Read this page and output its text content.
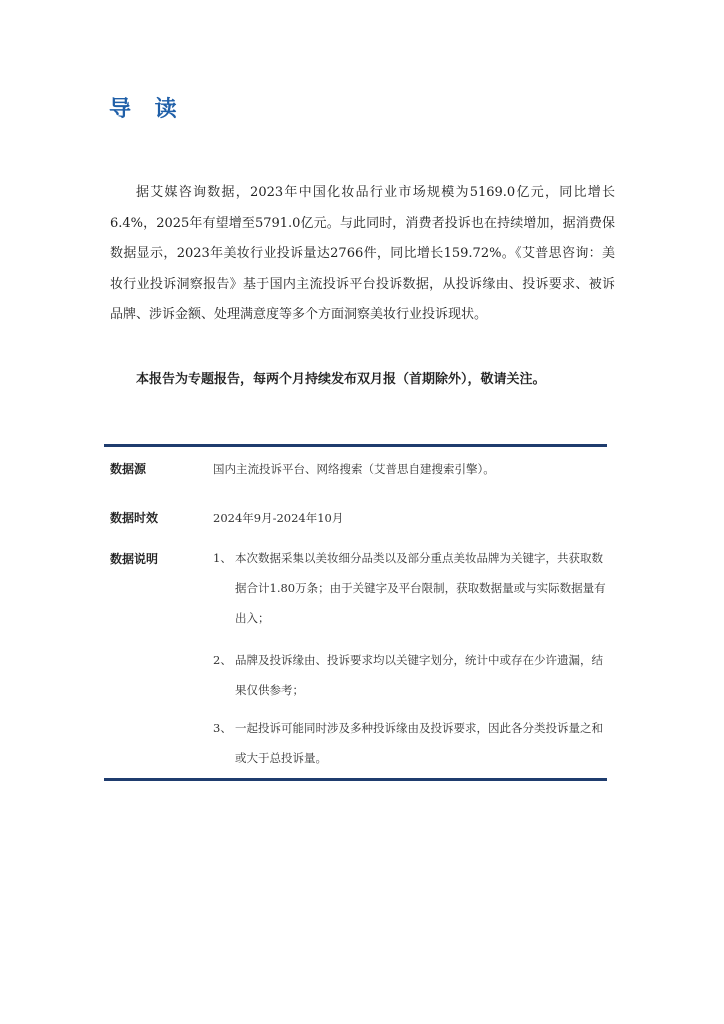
导 读

据艾媒咨询数据，2023年中国化妆品行业市场规模为5169.0亿元，同比增长6.4%，2025年有望增至5791.0亿元。与此同时，消费者投诉也在持续增加，据消费保数据显示，2023年美妆行业投诉量达2766件，同比增长159.72%。《艾普思咨询：美妆行业投诉洞察报告》基于国内主流投诉平台投诉数据，从投诉缘由、投诉要求、被诉品牌、涉诉金额、处理满意度等多个方面洞察美妆行业投诉现状。

本报告为专题报告，每两个月持续发布双月报（首期除外），敬请关注。

数据源	国内主流投诉平台、网络搜索（艾普思自建搜索引擎）。
数据时效	2024年9月-2024年10月
数据说明	1、 本次数据采集以美妆细分品类以及部分重点美妆品牌为关键字，共获取数据合计1.80万条；由于关键字及平台限制，获取数据量或与实际数据量有出入；
2、 品牌及投诉缘由、投诉要求均以关键字划分，统计中或存在少许遗漏，结果仅供参考；
3、 一起投诉可能同时涉及多种投诉缘由及投诉要求，因此各分类投诉量之和或大于总投诉量。
